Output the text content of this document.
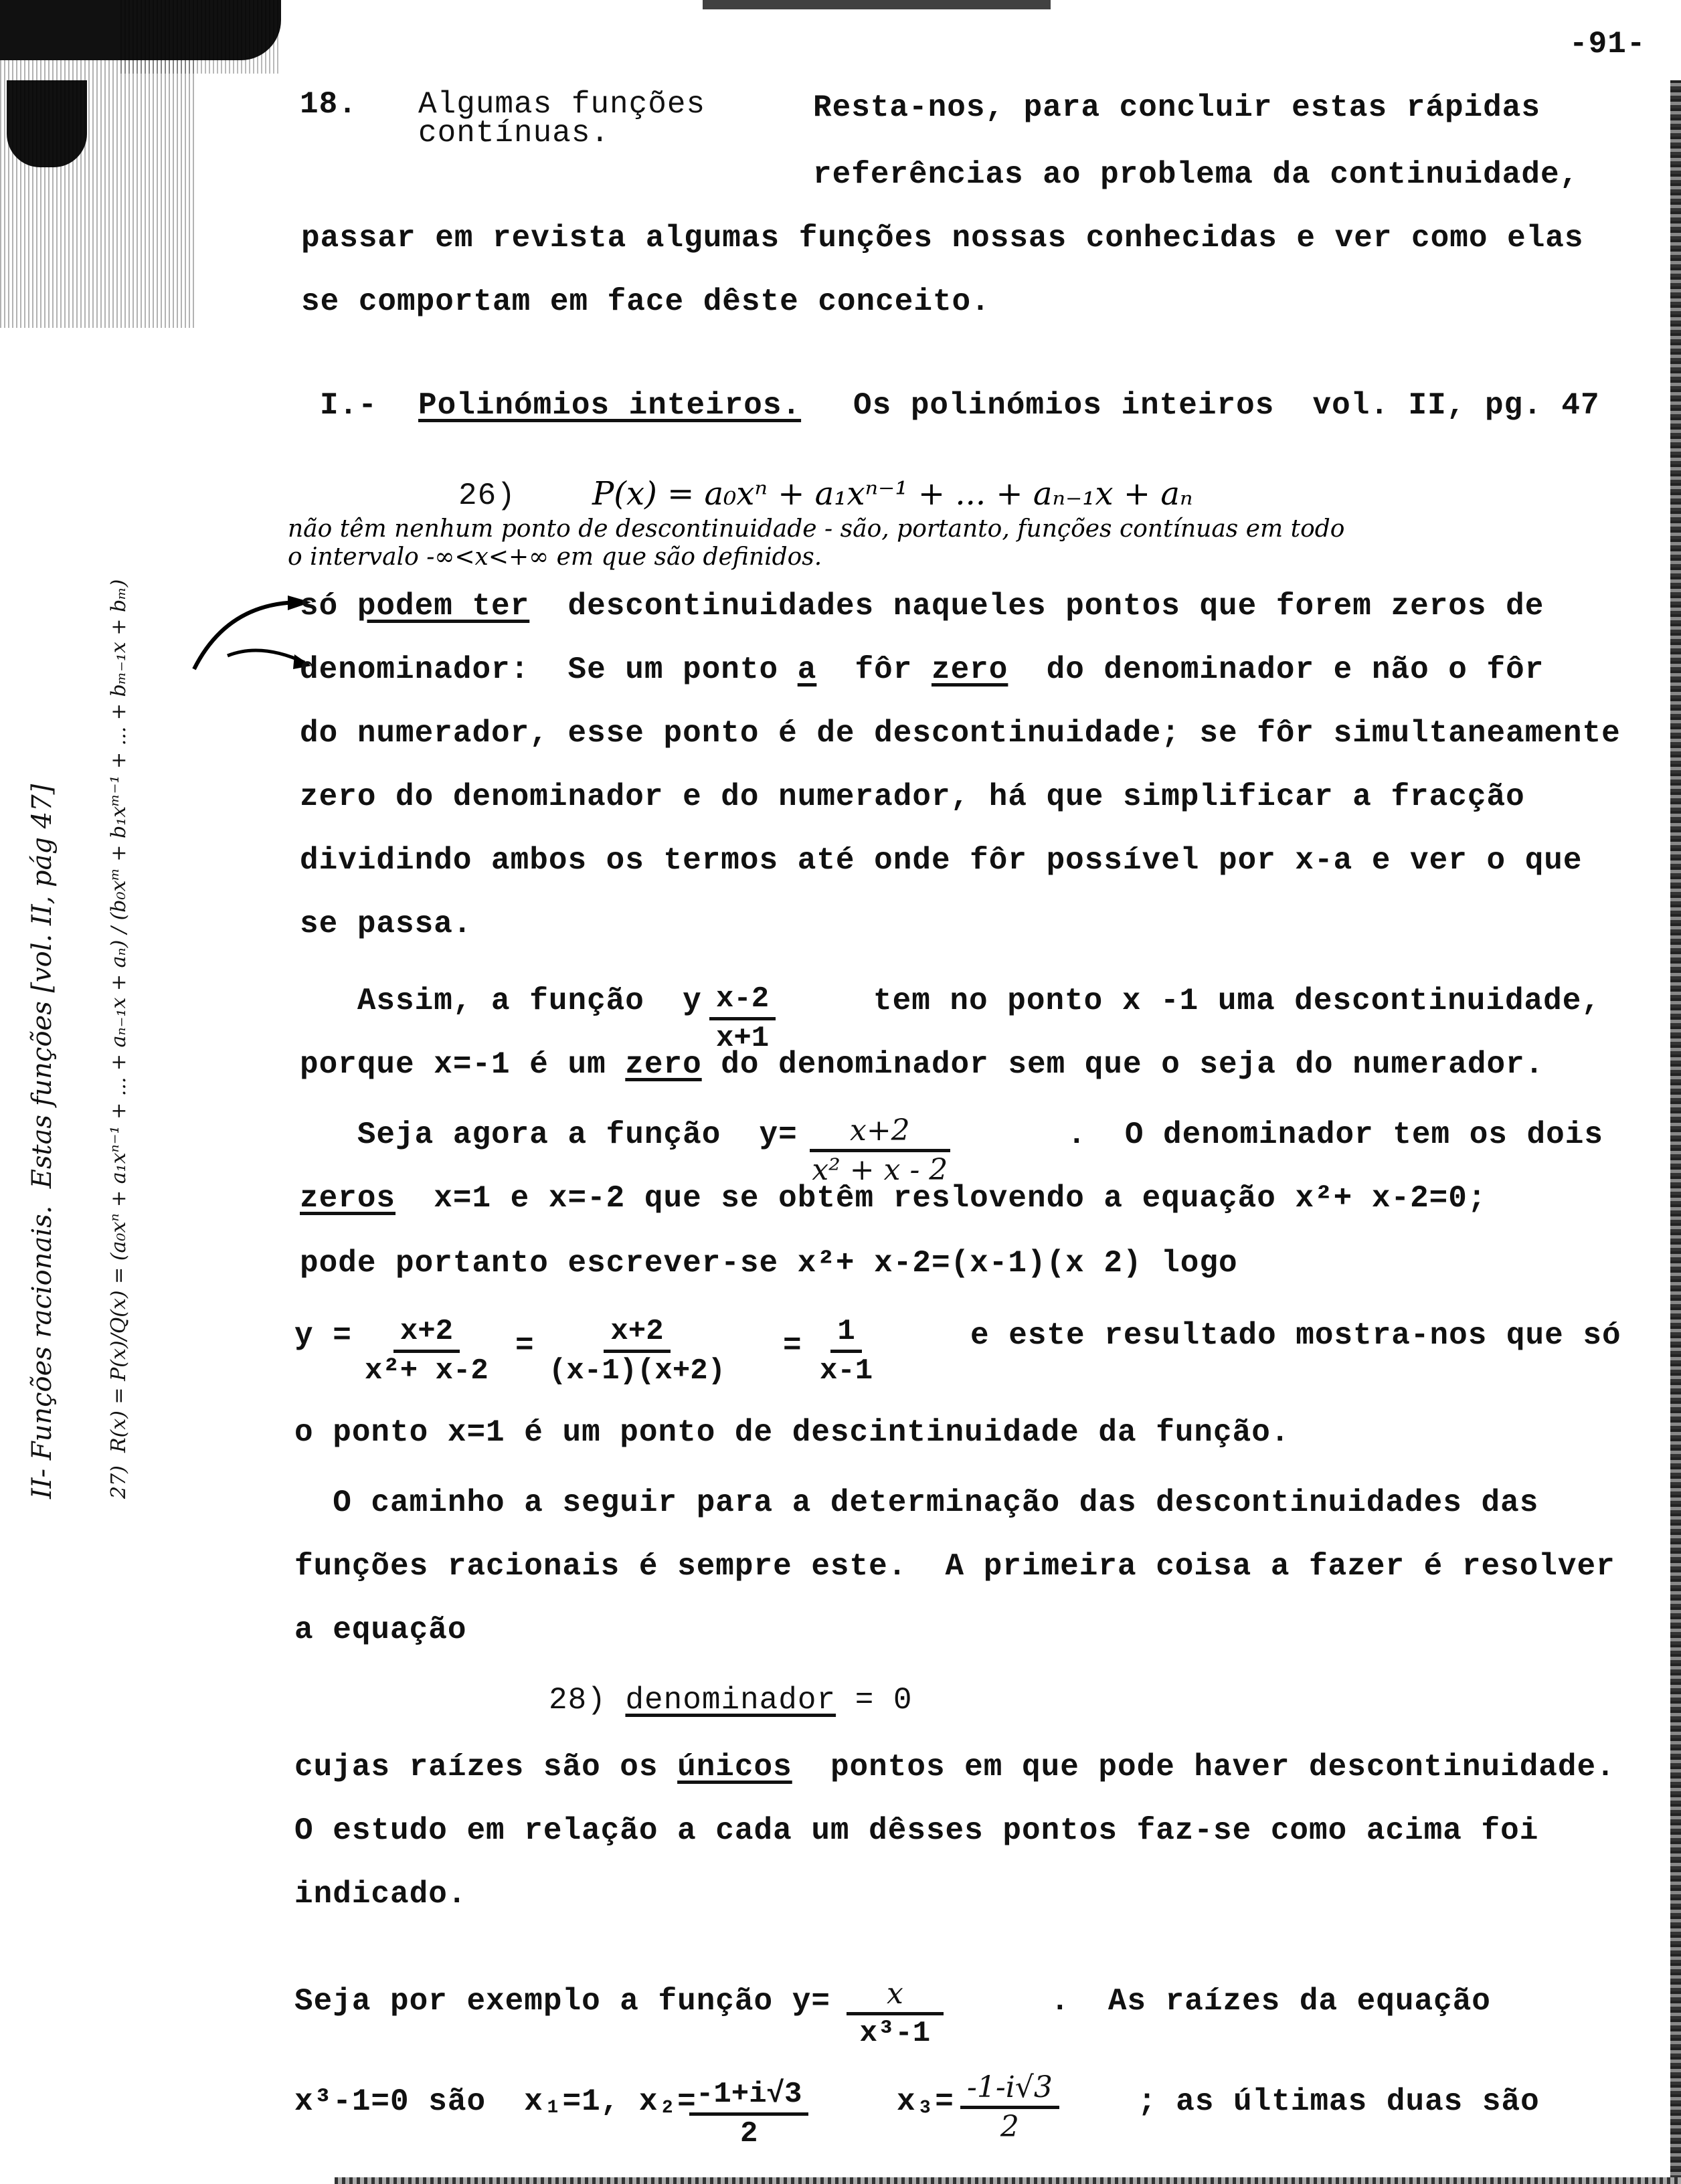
-91-
18. Algumas funções
contínuas.
Resta-nos, para concluir estas rápidas
referências ao problema da continuidade,
passar em revista algumas funções nossas conhecidas e ver como elas
se comportam em face dêste conceito.
I.- Polinómios inteiros. Os polinómios inteiros  vol. II, pg. 47
26) P(x) = a₀xⁿ + a₁xⁿ⁻¹ + ... + aₙ₋₁x + aₙ
não têm nenhum ponto de descontinuidade - são, portanto, funções contínuas em todo
o intervalo -∞<x<+∞ em que são definidos.
só podem ter  descontinuidades naqueles pontos que forem zeros de
denominador:  Se um ponto a  fôr zero  do denominador e não o fôr
do numerador, esse ponto é de descontinuidade; se fôr simultaneamente
zero do denominador e do numerador, há que simplificar a fracção
dividindo ambos os termos até onde fôr possível por x-a e ver o que
se passa.
Assim, a função  y $\frac{x-2}{x+1}$	tem no ponto x -1 uma descontinuidade,
porque x=-1 é um zero do denominador sem que o seja do numerador.
Seja agora a função  $y= \frac{x+2}{\text{x² + x - 2}}$	.  O denominador tem os dois
zeros  x=1 e x=-2 que se obtêm reslovendo a equação x²+ x-2=0;
pode portanto escrever-se x²+ x-2=(x-1)(x 2) logo
$y = \frac{x+2}{\text{x²+ x-2}} = \frac{x+2}{(x-1)(x+2)} = \frac{1}{x-1}$	e este resultado mostra-nos que só
o ponto x=1 é um ponto de descintinuidade da função.
O caminho a seguir para a determinação das descontinuidades das
funções racionais é sempre este.  A primeira coisa a fazer é resolver
a equação
28) denominador = 0
cujas raízes são os únicos  pontos em que pode haver descontinuidade.
O estudo em relação a cada um dêsses pontos faz-se como acima foi
indicado.
Seja por exemplo a função $y= \frac{x}{\text{x³-1}}$	.  As raízes da equação
x³-1=0 são  x₁=1, x₂=
$\frac{-1+i√3}{2}$	$x_3= \frac{-1-i√3}{2}$	; as últimas duas são
II- Funções racionais.  Estas funções [vol. II, pág 47] 27)  R(x) = P(x)/Q(x) = (a₀xⁿ + a₁xⁿ⁻¹ + ... + aₙ₋₁x + aₙ) / (b₀xᵐ + b₁xᵐ⁻¹ + ... + bₘ₋₁x + bₘ)
